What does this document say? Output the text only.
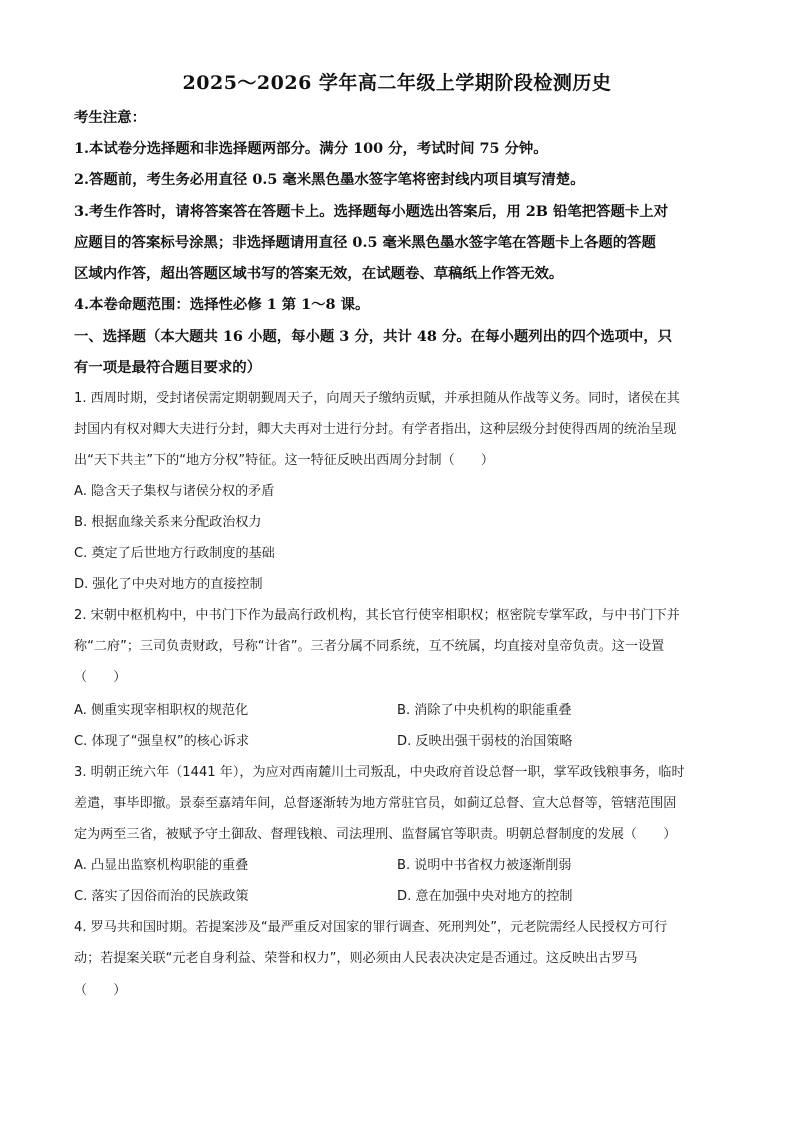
2025～2026 学年高二年级上学期阶段检测历史
考生注意：
1.本试卷分选择题和非选择题两部分。满分 100 分，考试时间 75 分钟。
2.答题前，考生务必用直径 0.5 毫米黑色墨水签字笔将密封线内项目填写清楚。
3.考生作答时，请将答案答在答题卡上。选择题每小题选出答案后，用 2B 铅笔把答题卡上对
应题目的答案标号涂黑；非选择题请用直径 0.5 毫米黑色墨水签字笔在答题卡上各题的答题
区域内作答，超出答题区域书写的答案无效，在试题卷、草稿纸上作答无效。
4.本卷命题范围：选择性必修 1 第 1～8 课。
一、选择题（本大题共 16 小题，每小题 3 分，共计 48 分。在每小题列出的四个选项中，只
有一项是最符合题目要求的）
1. 西周时期，受封诸侯需定期朝觐周天子，向周天子缴纳贡赋，并承担随从作战等义务。同时，诸侯在其
封国内有权对卿大夫进行分封，卿大夫再对士进行分封。有学者指出，这种层级分封使得西周的统治呈现
出“天下共主”下的“地方分权”特征。这一特征反映出西周分封制（　　）
A. 隐含天子集权与诸侯分权的矛盾
B. 根据血缘关系来分配政治权力
C. 奠定了后世地方行政制度的基础
D. 强化了中央对地方的直接控制
2. 宋朝中枢机构中，中书门下作为最高行政机构，其长官行使宰相职权；枢密院专掌军政，与中书门下并
称“二府”；三司负责财政，号称“计省”。三者分属不同系统，互不统属，均直接对皇帝负责。这一设置
（　　）
A. 侧重实现宰相职权的规范化	B. 消除了中央机构的职能重叠
C. 体现了“强皇权”的核心诉求	D. 反映出强干弱枝的治国策略
3. 明朝正统六年（1441 年），为应对西南麓川土司叛乱，中央政府首设总督一职，掌军政钱粮事务，临时
差遣，事毕即撤。景泰至嘉靖年间，总督逐渐转为地方常驻官员，如蓟辽总督、宣大总督等，管辖范围固
定为两至三省，被赋予守土御敌、督理钱粮、司法理刑、监督属官等职责。明朝总督制度的发展（　　）
A. 凸显出监察机构职能的重叠	B. 说明中书省权力被逐渐削弱
C. 落实了因俗而治的民族政策	D. 意在加强中央对地方的控制
4. 罗马共和国时期。若提案涉及“最严重反对国家的罪行调查、死刑判处”，元老院需经人民授权方可行
动；若提案关联“元老自身利益、荣誉和权力”，则必须由人民表决决定是否通过。这反映出古罗马
（　　）
